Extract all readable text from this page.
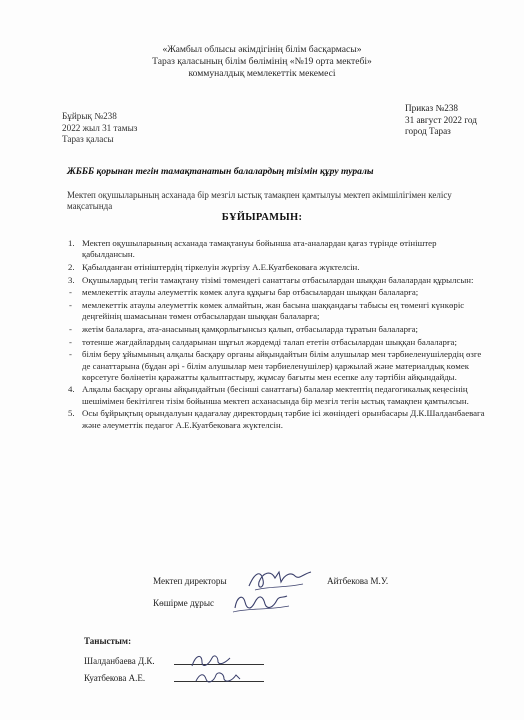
«Жамбыл облысы әкімдігінің білім басқармасы»
Тараз қаласының білім бөлімінің «№19 орта мектебі»
коммуналдық мемлекеттік мекемесі
Бұйрық №238
2022 жыл 31 тамыз
Тараз қаласы
Приказ №238
31 август 2022 год
город Тараз
ЖБББ қорынан тегін тамақтанатын балалардың тізімін құру туралы
Мектеп оқушыларының асханада бір мезгіл ыстық тамақпен қамтылуы мектеп әкімшілігімен келісу мақсатында
БҰЙЫРАМЫН:
1. Мектеп оқушыларының асханада тамақтануы бойынша ата-аналардан қағаз түрінде өтініштер қабылдансын.
2. Қабылданған өтініштердің тіркелуін жүргізу А.Е.Куатбековаға жүктелсін.
3. Оқушылардың тегін тамақтану тізімі төмендегі санаттағы отбасылардан шыққан балалардан құрылсын:
- мемлекеттік атаулы әлеуметтік көмек алуға құқығы бар отбасылардан шыққан балаларға;
- мемлекеттік атаулы әлеуметтік көмек алмайтын, жан басына шаққандағы табысы ең төменгі күнкөріс деңгейінің шамасынан төмен отбасылардан шыққан балаларға;
- жетім балаларға, ата-анасының қамқорлығынсыз қалып, отбасыларда тұратын балаларға;
- төтенше жағдайлардың салдарынан шұғыл жәрдемді талап ететін отбасылардан шыққан балаларға;
- білім беру ұйымының алқалы басқару органы айқындайтын білім алушылар мен тәрбиеленушілердің өзге де санаттарына (бұдан әрі - білім алушылар мен тәрбиеленушілер) қаржылай және материалдық көмек көрсетуге бөлінетін қаражатты қалыптастыру, жұмсау бағыты мен есепке алу тәртібін айқындайды.
4. Алқалы басқару органы айқындайтын (бесінші санаттағы) балалар мектептің педагогикалық кеңесінің шешімімен бекітілген тізім бойынша мектеп асханасында бір мезгіл тегін ыстық тамақпен қамтылсын.
5. Осы бұйрықтың орындалуын қадағалау директордың тәрбие ісі жөніндегі орынбасары Д.К.Шалданбаевага және әлеуметтік педагог А.Е.Куатбековаға жүктелсін.
Мектеп директоры	Айтбекова М.У.
Көшірме дұрыс
Таныстым:
Шалданбаева Д.К.
Куатбекова А.Е.
